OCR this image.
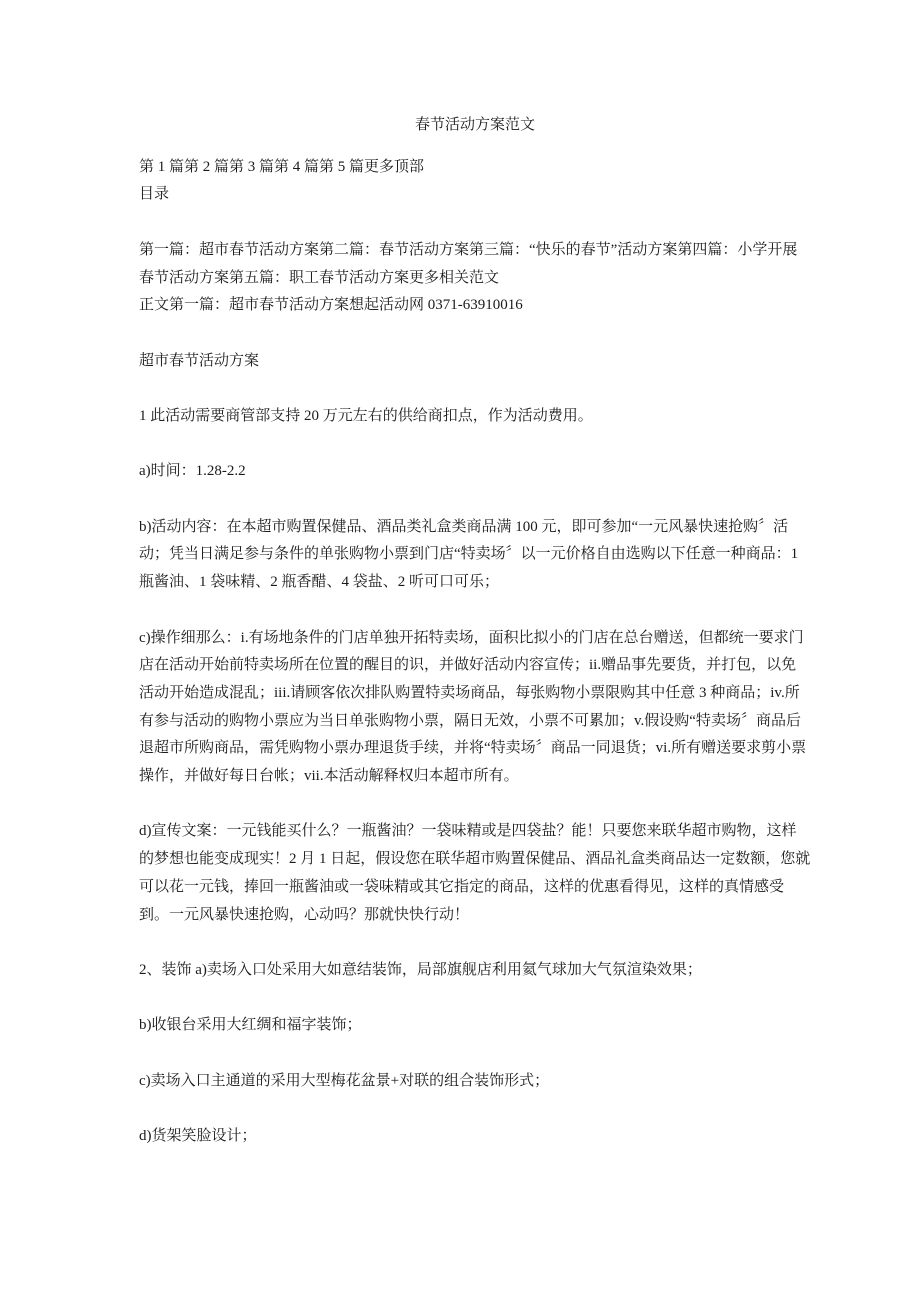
春节活动方案范文

第 1 篇第 2 篇第 3 篇第 4 篇第 5 篇更多顶部

目录

第一篇：超市春节活动方案第二篇：春节活动方案第三篇：“快乐的春节”活动方案第四篇：小学开展春节活动方案第五篇：职工春节活动方案更多相关范文

正文第一篇：超市春节活动方案想起活动网 0371-63910016

超市春节活动方案

1 此活动需要商管部支持 20 万元左右的供给商扣点，作为活动费用。

a)时间：1.28-2.2

b)活动内容：在本超市购置保健品、酒品类礼盒类商品满 100 元，即可参加“一元风暴快速抢购〞活动；凭当日满足参与条件的单张购物小票到门店“特卖场〞以一元价格自由选购以下任意一种商品：1 瓶酱油、1 袋味精、2 瓶香醋、4 袋盐、2 听可口可乐；

c)操作细那么：i.有场地条件的门店单独开拓特卖场，面积比拟小的门店在总台赠送，但都统一要求门店在活动开始前特卖场所在位置的醒目的识，并做好活动内容宣传；ii.赠品事先要货，并打包，以免活动开始造成混乱；iii.请顾客依次排队购置特卖场商品，每张购物小票限购其中任意 3 种商品；iv.所有参与活动的购物小票应为当日单张购物小票，隔日无效，小票不可累加；v.假设购“特卖场〞商品后退超市所购商品，需凭购物小票办理退货手续，并将“特卖场〞商品一同退货；vi.所有赠送要求剪小票操作，并做好每日台帐；vii.本活动解释权归本超市所有。

d)宣传文案：一元钱能买什么？一瓶酱油？一袋味精或是四袋盐？能！只要您来联华超市购物，这样的梦想也能变成现实！2 月 1 日起，假设您在联华超市购置保健品、酒品礼盒类商品达一定数额，您就可以花一元钱，捧回一瓶酱油或一袋味精或其它指定的商品，这样的优惠看得见，这样的真情感受到。一元风暴快速抢购，心动吗？那就快快行动！

2、装饰 a)卖场入口处采用大如意结装饰，局部旗舰店利用氦气球加大气氛渲染效果；

b)收银台采用大红绸和福字装饰；

c)卖场入口主通道的采用大型梅花盆景+对联的组合装饰形式；

d)货架笑脸设计；
